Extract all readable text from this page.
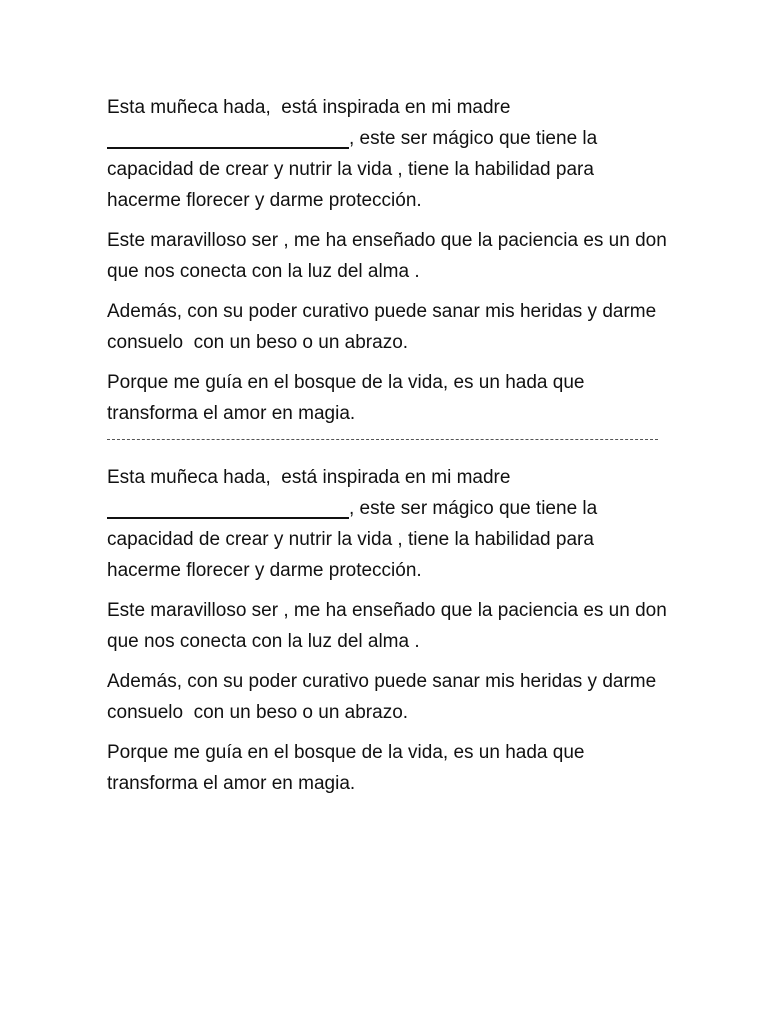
Esta muñeca hada,  está inspirada en mi madre
, este ser mágico que tiene la
capacidad de crear y nutrir la vida , tiene la habilidad para
hacerme florecer y darme protección.

Este maravilloso ser , me ha enseñado que la paciencia es un don que nos conecta con la luz del alma .

Además, con su poder curativo puede sanar mis heridas y darme consuelo  con un beso o un abrazo.

Porque me guía en el bosque de la vida, es un hada que transforma el amor en magia.

Esta muñeca hada,  está inspirada en mi madre
, este ser mágico que tiene la
capacidad de crear y nutrir la vida , tiene la habilidad para
hacerme florecer y darme protección.

Este maravilloso ser , me ha enseñado que la paciencia es un don que nos conecta con la luz del alma .

Además, con su poder curativo puede sanar mis heridas y darme consuelo  con un beso o un abrazo.

Porque me guía en el bosque de la vida, es un hada que transforma el amor en magia.
